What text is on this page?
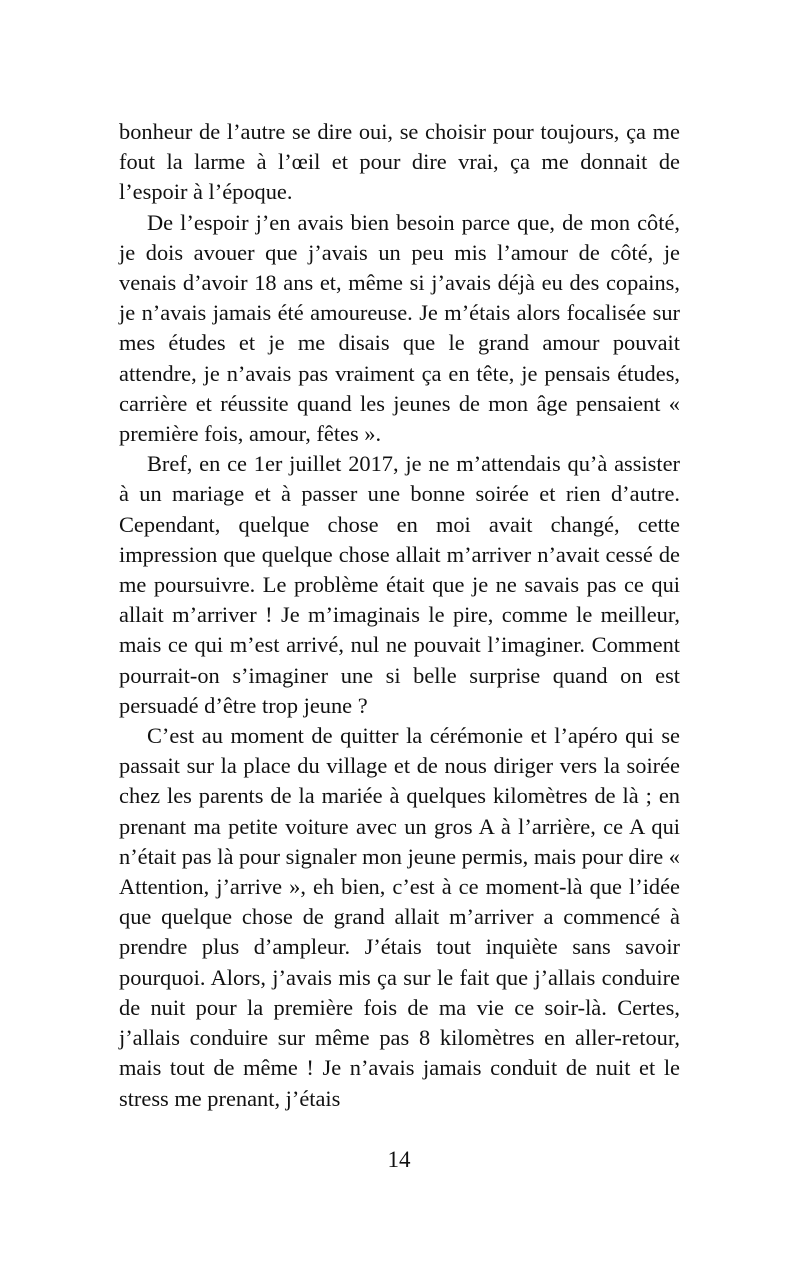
bonheur de l’autre se dire oui, se choisir pour toujours, ça me fout la larme à l’œil et pour dire vrai, ça me donnait de l’espoir à l’époque.

De l’espoir j’en avais bien besoin parce que, de mon côté, je dois avouer que j’avais un peu mis l’amour de côté, je venais d’avoir 18 ans et, même si j’avais déjà eu des copains, je n’avais jamais été amoureuse. Je m’étais alors focalisée sur mes études et je me disais que le grand amour pouvait attendre, je n’avais pas vraiment ça en tête, je pensais études, carrière et réussite quand les jeunes de mon âge pensaient « première fois, amour, fêtes ».

Bref, en ce 1er juillet 2017, je ne m’attendais qu’à assister à un mariage et à passer une bonne soirée et rien d’autre. Cependant, quelque chose en moi avait changé, cette impression que quelque chose allait m’arriver n’avait cessé de me poursuivre. Le problème était que je ne savais pas ce qui allait m’arriver ! Je m’imaginais le pire, comme le meilleur, mais ce qui m’est arrivé, nul ne pouvait l’imaginer. Comment pourrait-on s’imaginer une si belle surprise quand on est persuadé d’être trop jeune ?

C’est au moment de quitter la cérémonie et l’apéro qui se passait sur la place du village et de nous diriger vers la soirée chez les parents de la mariée à quelques kilomètres de là ; en prenant ma petite voiture avec un gros A à l’arrière, ce A qui n’était pas là pour signaler mon jeune permis, mais pour dire « Attention, j’arrive », eh bien, c’est à ce moment-là que l’idée que quelque chose de grand allait m’arriver a commencé à prendre plus d’ampleur. J’étais tout inquiète sans savoir pourquoi. Alors, j’avais mis ça sur le fait que j’allais conduire de nuit pour la première fois de ma vie ce soir-là. Certes, j’allais conduire sur même pas 8 kilomètres en aller-retour, mais tout de même ! Je n’avais jamais conduit de nuit et le stress me prenant, j’étais

14
